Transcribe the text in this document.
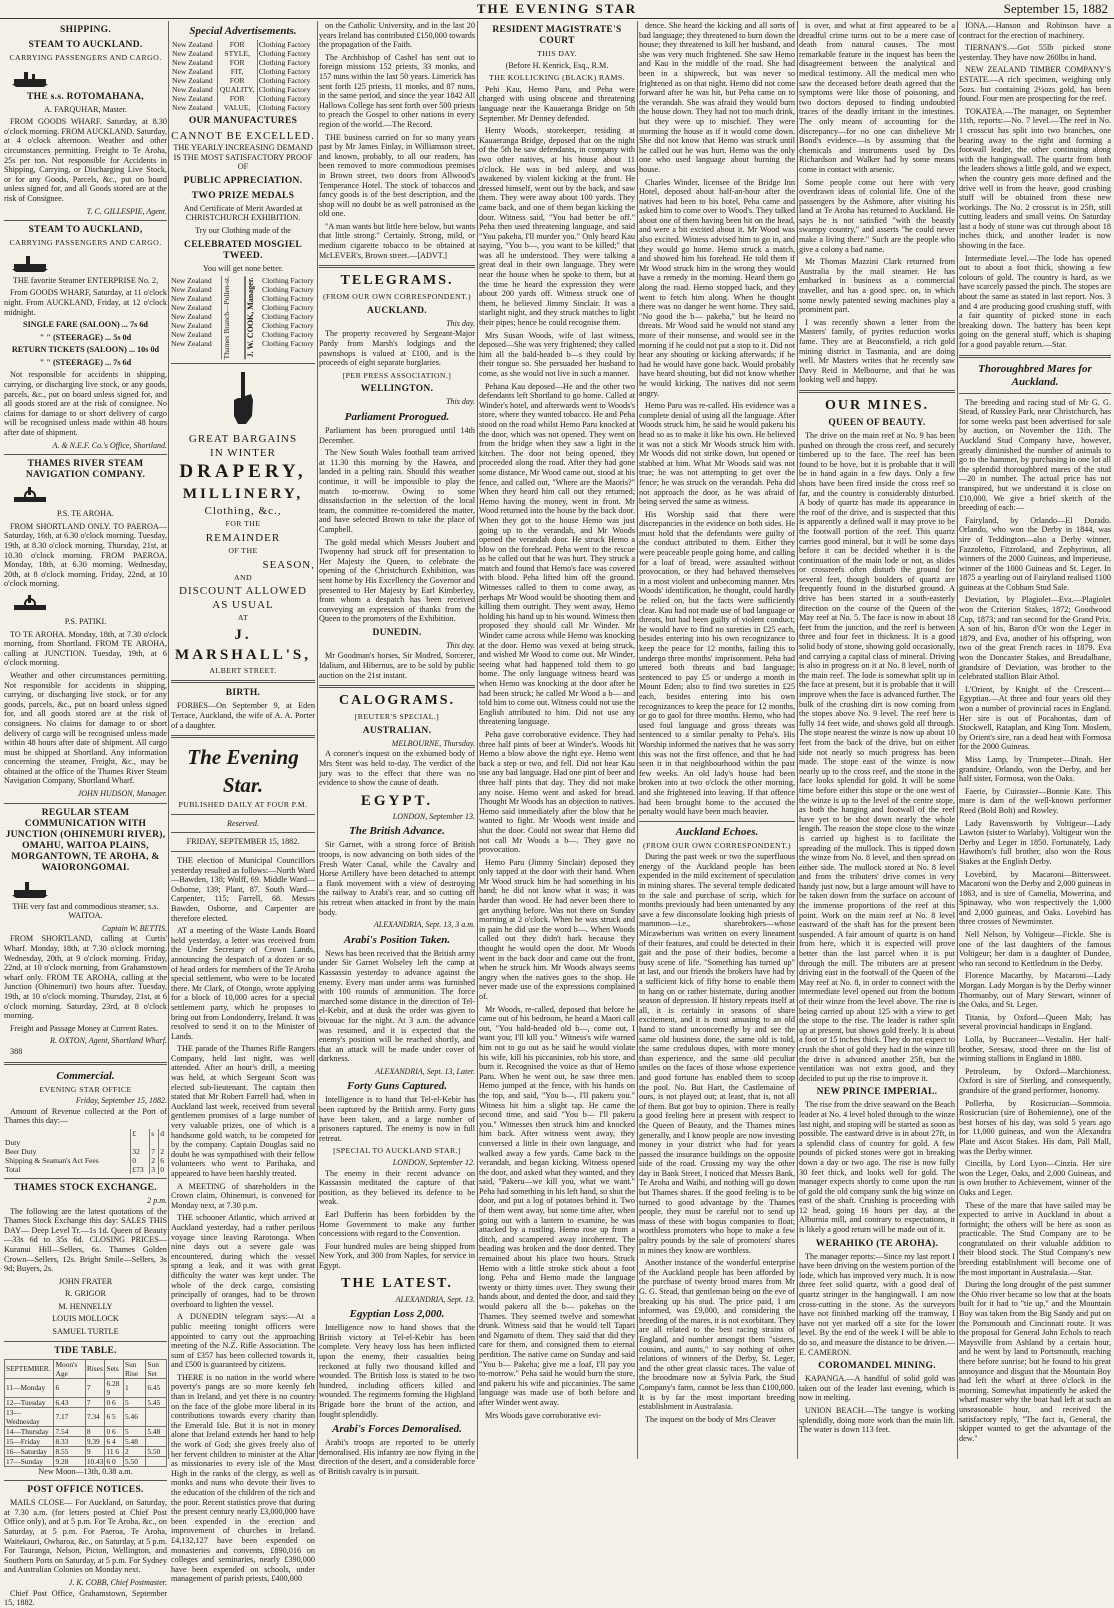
THE EVENING STAR	September 15, 1882
SHIPPING.
STEAM TO AUCKLAND.
CARRYING PASSENGERS AND CARGO.
THE s.s. ROTOMAHANA,

A. FARQUHAR, Master.

FROM GOODS WHARF. Saturday, at 8.30 o'clock morning. FROM AUCKLAND. Saturday, at 4 o'clock afternoon. Weather and other circumstances permitting. Freight to Te Aroha, 25s per ton. Not responsible for Accidents in Shipping, Carrying, or Discharging Live Stock, or for any Goods, Parcels, &c., put on board unless signed for, and all Goods stored are at the risk of Consignee.

T. C. GILLESPIE, Agent.

STEAM TO AUCKLAND,
CARRYING PASSENGERS AND CARGO.

THE favorite Steamer ENTERPRISE No. 2,

From GOODS WHARF, Saturday, at 11 o'clock night. From AUCKLAND, Friday, at 12 o'clock midnight.

SINGLE FARE (SALOON) ... 7s 6d

" " (STEERAGE) ... 5s 0d

RETURN TICKETS (SALOON) ... 10s 0d

" " (STEERAGE) ... 7s 6d

Not responsible for accidents in shipping, carrying, or discharging live stock, or any goods, parcels, &c., put on board unless signed for, and all goods stored are at the risk of consignee. No claims for damage to or short delivery of cargo will be recognised unless made within 48 hours after date of shipment.

A. & N.E.F. Co.'s Office, Shortland.

THAMES RIVER STEAM NAVIGATION COMPANY.

P.S. TE AROHA.

FROM SHORTLAND ONLY. TO PAEROA— Saturday, 16th, at 6.30 o'clock morning. Tuesday, 19th, at 8.30 o'clock morning. Thursday, 21st, at 10.30 o'clock morning. FROM PAEROA. Monday, 18th, at 6.30 morning. Wednesday, 20th, at 8 o'clock morning. Friday, 22nd, at 10 o'clock morning.

P.S. PATIKI.

TO TE AROHA. Monday, 18th, at 7.30 o'clock morning, from Shortland. FROM TE AROHA, calling at JUNCTION. Tuesday, 19th, at 6 o'clock morning.

Weather and other circumstances permitting. Not responsible for accidents in shipping, carrying, or discharging live stock, or for any goods, parcels, &c., put on board unless signed for, and all goods stored are at the risk of consignees. No claims for damage to or short delivery of cargo will be recognised unless made within 48 hours after date of shipment. All cargo must be shipped at Shortland. Any information concerning the steamer, Freight, &c., may be obtained at the office of the Thames River Steam Navigation Company, Shortland Wharf.

JOHN HUDSON, Manager.

REGULAR STEAM COMMUNICATION WITH JUNCTION (OHINEMURI RIVER), OMAHU, WAITOA PLAINS, MORGANTOWN, TE AROHA, & WAIORONGOMAI.

THE very fast and commodious steamer, s.s. WAITOA.

Captain W. BETTIS.

FROM SHORTLAND, calling at Curtis' Wharf. Monday, 18th, at 7.30 o'clock morning. Wednesday, 20th, at 9 o'clock morning. Friday, 22nd, at 10 o'clock morning, from Grahamstown wharf only. FROM TE AROHA, calling at the Junction (Ohinemuri) two hours after. Tuesday, 19th, at 10 o'clock morning. Thursday, 21st, at 6 o'clock morning. Saturday, 23rd, at 8 o'clock morning.

Freight and Passage Money at Current Rates.

R. OXTON, Agent, Shortland Wharf.

388

Commercial.
EVENING STAR OFFICE

Friday, September 15, 1882.

Amount of Revenue collected at the Port of Thames this day:—

	£	s	d
Duty			
Beer Duty	32	7	2
Shipping & Seaman's Act Fees	0	2	6
Total	£73	3	0
THAMES STOCK EXCHANGE.

2 p.m.

The following are the latest quotations of the Thames Stock Exchange this day: SALES THIS DAY— Deep Level Tr.—1s 1d. Queen of Beauty—33s 6d to 35s 6d. CLOSING PRICES— Kuranui Hill—Sellers, 6s. Thames Golden Crown—Sellers, 12s. Bright Smile—Sellers, 3s 9d; Buyers, 2s.

JOHN FRATER

R. GRIGOR

M. HENNELLY

LOUIS MOLLOCK

SAMUEL TURTLE

TIDE TABLE.
SEPTEMBER.	Moon's Age	Rises	Sets	Sun Rise	Sun Set
11—Monday	6	7	6.28 9	1	6.45
12—Tuesday	6.43	7	0 6	5	5.45
13—Wednesday	7.17	7.34	6 5	5.46	
14—Thursday	7.54	8	0 6	5	5.48
15—Friday	8.33	9.39	6 4	5.48	
16—Saturday	8.55	9	11 6	2	5.50
17—Sunday	9.28	10.43	6 0	5.50	

New Moon—13th, 0.38 a.m.

POST OFFICE NOTICES.

MAILS CLOSE— For Auckland, on Saturday, at 7.30 a.m. (for letters posted at Chief Post Office only), and at 5 p.m. For Te Aroha, &c., on Saturday, at 5 p.m. For Paeroa, Te Aroha, Waitekauri, Owharoa, &c., on Saturday, at 5 p.m. For Tauranga, Nelson, Picton, Wellington, and Southern Ports on Saturday, at 5 p.m. For Sydney and Australian Colonies on Monday next.

J. K. COBB, Chief Postmaster.

Chief Post Office, Grahamstown, September 15, 1882.

Special Advertisements.
New Zealand	FOR	Clothing Factory
New Zealand	STYLE,	Clothing Factory
New Zealand	FOR	Clothing Factory
New Zealand	FIT,	Clothing Factory
New Zealand	FOR	Clothing Factory
New Zealand	QUALITY,	Clothing Factory
New Zealand	FOR	Clothing Factory
New Zealand	VALUE,	Clothing Factory
OUR MANUFACTURES
CANNOT BE EXCELLED.

THE YEARLY INCREASING DEMAND IS THE MOST SATISFACTORY PROOF OF

PUBLIC APPRECIATION.
TWO PRIZE MEDALS

And Certificate of Merit Awarded at CHRISTCHURCH EXHIBITION.

Try our Clothing made of the

CELEBRATED MOSGIEL TWEED.

You will get none better.

New Zealand
New Zealand
New Zealand
New Zealand
New Zealand
New Zealand
New Zealand
New Zealand	Thames Branch—Pollen-st.	J. W. COOK, Manager. Clothing Factory
Clothing Factory
Clothing Factory
Clothing Factory
Clothing Factory
Clothing Factory
Clothing Factory
Clothing Factory
GREAT BARGAINS
IN WINTER
DRAPERY,
MILLINERY,
Clothing, &c.,
FOR THE
REMAINDER
OF THE
SEASON,
AND
DISCOUNT ALLOWED AS USUAL
AT
J. MARSHALL'S,
ALBERT STREET.
BIRTH.

FORBES—On September 9, at Eden Terrace, Auckland, the wife of A. A. Porter of a daughter.

The Evening Star.
PUBLISHED DAILY AT FOUR P.M.

Reserved.

FRIDAY, SEPTEMBER 15, 1882.

THE election of Municipal Councillors yesterday resulted as follows:—North Ward—Bawden, 138; Wolff, 69. Middle Ward—Osborne, 139; Plant, 87. South Ward—Carpenter, 115; Farrell, 68. Messrs Bawden, Osborne, and Carpenter are therefore elected.

AT a meeting of the Waste Lands Board held yesterday, a letter was received from the Under Secretary of Crown Lands, announcing the despatch of a dozen or so of head orders for members of the Te Aroha special settlement, who were to be located there. Mr Clark, of Otongo, wrote applying for a block of 10,000 acres for a special settlement party, which he proposes to bring out from Londonderry, Ireland. It was resolved to send it on to the Minister of Lands.

THE parade of the Thames Rifle Rangers Company, held last night, was well attended. After an hour's drill, a meeting was held, at which Sergeant Scott was elected sub-lieutenant. The captain then stated that Mr Robert Farrell had, when in Auckland last week, received from several gentlemen promises of a large number of very valuable prizes, one of which is a handsome gold watch, to be competed for by the company. Captain Douglas said no doubt he was sympathised with their fellow volunteers who went to Parihaka, and appeared to have been harshly treated.

A MEETING of shareholders in the Crown claim, Ohinemuri, is convened for Monday next, at 7.30 p.m.

THE schooner Atlantic, which arrived at Auckland yesterday, had a rather perilous voyage since leaving Rarotonga. When nine days out a severe gale was encountered, during which the vessel sprang a leak, and it was with great difficulty the water was kept under. The whole of the deck cargo, consisting principally of oranges, had to be thrown overboard to lighten the vessel.

A DUNEDIN telegram says:—At a public meeting tonight officers were appointed to carry out the approaching meeting of the N.Z. Rifle Association. The sum of £357 has been collected towards it, and £500 is guaranteed by citizens.

THERE is no nation in the world where poverty's pangs are so more keenly felt than in Ireland, and yet there is no country on the face of the globe more liberal in its contributions towards every charity than the Emerald Isle. But it is not in money alone that Ireland extends her hand to help the work of God; she gives freely also of her fervent children to minister at the Altar as missionaries to every isle of the Most High in the ranks of the clergy, as well as monks and nuns who devote their lives to the education of the children of the rich and the poor. Recent statistics prove that during the present century nearly £3,000,000 have been expended in the erection and improvement of churches in Ireland. £4,132,127 have been expended on monasteries and convents, £890,016 on colleges and seminaries, nearly £390,000 have been expended on schools, under management of parish priests, £400,000

on the Catholic University, and in the last 20 years Ireland has contributed £150,000 towards the propagation of the Faith.

The Archbishop of Cashel has sent out to foreign missions 152 priests, 33 monks, and 157 nuns within the last 50 years. Limerick has sent forth 125 priests, 11 monks, and 87 nuns, in the same period, and since the year 1842 All Hallows College has sent forth over 500 priests to preach the Gospel to other nations in every region of the world.—The Record.

THE business carried on for so many years past by Mr James Finlay, in Williamson street, and known, probably, to all our readers, has been removed to more commodious premises in Brown street, two doors from Allwood's Temperance Hotel. The stock of tobaccos and fancy goods is of the best description, and the shop will no doubt be as well patronised as the old one.

"A man wants but little here below, but wants that little strong." Certainly. Strong, mild, or medium cigarette tobacco to be obtained at McLEVER's, Brown street.—[ADVT.]

TELEGRAMS.
(FROM OUR OWN CORRESPONDENT.)
AUCKLAND.

This day.

The property recovered by Sergeant-Major Pardy from Marsh's lodgings and the pawnshops is valued at £100, and is the proceeds of eight separate burglaries.

[PER PRESS ASSOCIATION.]
WELLINGTON.

This day.

Parliament Prorogued.

Parliament has been prorogued until 14th December.

The New South Wales football team arrived at 11.30 this morning by the Hawea, and landed in a pelting rain. Should this weather continue, it will be impossible to play the match to-morrow. Owing to some dissatisfaction in the selection of the local team, the committee re-considered the matter, and have selected Brown to take the place of Campbell.

The gold medal which Messrs Joubert and Twopenny had struck off for presentation to Her Majesty the Queen, to celebrate the opening of the Christchurch Exhibition, was sent home by His Excellency the Governor and presented to Her Majesty by Earl Kimberley, from whom a despatch has been received conveying an expression of thanks from the Queen to the promoters of the Exhibition.

DUNEDIN.

This day.

Mr Goodman's horses, Sir Modred, Sorcerer, Idalium, and Hibernus, are to be sold by public auction on the 21st instant.

CALOGRAMS.
[REUTER'S SPECIAL.]
AUSTRALIAN.

MELBOURNE, Thursday.

A coroner's inquest on the exhumed body of Mrs Stent was held to-day. The verdict of the jury was to the effect that there was no evidence to show the cause of death.

EGYPT.

LONDON, September 13.

The British Advance.

Sir Garnet, with a strong force of British troops, is now advancing on both sides of the Fresh Water Canal, while the Cavalry and Horse Artillery have been detached to attempt a flank movement with a view of destroying the railway to Arabi's rear, and so cutting off his retreat when attacked in front by the main body.

ALEXANDRIA, Sept. 13, 3 a.m.

Arabi's Position Taken.

News has been received that the British army under Sir Garnet Wolseley left the camp at Kassassin yesterday to advance against the enemy. Every man under arms was furnished with 100 rounds of ammunition. The force marched some distance in the direction of Tel-el-Kebir, and at dusk the order was given to bivouac for the night. At 3 a.m. the advance was resumed, and it is expected that the enemy's position will be reached shortly, and that an attack will be made under cover of darkness.

ALEXANDRIA, Sept. 13, Later.

Forty Guns Captured.

Intelligence is to hand that Tel-el-Kebir has been captured by the British army. Forty guns have been taken, and a large number of prisoners captured. The enemy is now in full retreat.

[SPECIAL TO AUCKLAND STAR.]

LONDON, September 12.

The enemy in their recent advance on Kassassin meditated the capture of that position, as they believed its defence to be weak.

Earl Dufferin has been forbidden by the Home Government to make any further concessions with regard to the Convention.

Four hundred mules are being shipped from New York, and 300 from Naples, for service in Egypt.

THE LATEST.

ALEXANDRIA, Sept. 13.

Egyptian Loss 2,000.

Intelligence now to hand shows that the British victory at Tel-el-Kebir has been complete. Very heavy loss has been inflicted upon the enemy, their casualties being reckoned at fully two thousand killed and wounded. The British loss is stated to be two hundred, including officers killed and wounded. The regiments forming the Highland Brigade bore the brunt of the action, and fought splendidly.

Arabi's Forces Demoralised.

Arabi's troops are reported to be utterly demoralised. His infantry are now flying in the direction of the desert, and a considerable force of British cavalry is in pursuit.

RESIDENT MAGISTRATE'S COURT
THIS DAY.

(Before H. Kenrick, Esq., R.M.

THE KOLLICKING (BLACK) RAMS.

Pehi Kau, Hemo Paru, and Peha were charged with using obscene and threatening language near the Kauaeranga Bridge on 5th September. Mr Denney defended.

Henry Woods, storekeeper, residing at Kauaeranga Bridge, deposed that on the night of the 5th he saw defendants, in company with two other natives, at his house about 11 o'clock. He was in bed asleep, and was awakened by violent kicking at the front. He dressed himself, went out by the back, and saw them. They were away about 100 yards. They came back, and one of them began kicking the door. Witness said, "You had better be off." Peha then used threatening language, and said "You pakeha, I'll murder you." Only heard Kau saying, "You b—, you want to be killed;" that was all he understood. They were talking a great deal in their own language. They were near the house when he spoke to them, but at the time he heard the expression they were about 200 yards off. Witness struck one of them, he believed Jimmy Sinclair. It was a starlight night, and they struck matches to light their pipes; hence he could recognise them.

Mrs Susan Woods, wife of last witness, deposed—She was very frightened; they called him all the bald-headed b—s they could by their tongue so. She persuaded her husband to come, as she would not live in such a manner.

Pehana Kau deposed—He and the other two defendants left Shortland to go home. Called at Winder's hotel, and afterwards went to Woods's store, where they wanted tobacco. He and Peha stood on the road whilst Hemo Paru knocked at the door, which was not opened. They went on from the bridge when they saw a light in the kitchen. The door not being opened, they proceeded along the road. After they had gone some distance, Mr Wood came out, stood at his fence, and called out, "Where are the Maoris?" When they heard him call out they returned; Hemo having the money, went in front. Mr Wood returned into the house by the back door. When they got to the house Hemo was just going up to the verandah, and Mr Woods opened the verandah door. He struck Hemo a blow on the forehead. Peha went to the rescue as he called out that he was hurt. They struck a match and found that Hemo's face was covered with blood. Peha lifted him off the ground. Witnesses called to them to come away, as perhaps Mr Wood would be shooting them and killing them outright. They went away, Hemo holding his hand up to his wound. Witness then proposed they should call Mr Winder. Mr Winder came across while Hemo was knocking at the door. Hemo was vexed at being struck, and wished Mr Wood to come out. Mr Winder, seeing what had happened told them to go home. The only language witness heard was when Hemo was knocking at the door after he had been struck; he called Mr Wood a b— and told him to come out. Witness could not use the English attributed to him. Did not use any threatening language.

Peha gave corroborative evidence. They had three half pints of beer at Winder's. Woods hit Hemo a blow above the right eye. Hemo went back a step or two, and fell. Did not hear Kau use any bad language. Had one pint of beer and three half pints that day. They did not make any noise. Hemo went and asked for bread. Thought Mr Woods has an objection to natives. Hemo said immediately after the blow that he wanted to fight. Mr Woods went inside and shut the door. Could not swear that Hemo did not call Mr Woods a b—. They gave no provocation.

Hemo Paru (Jimmy Sinclair) deposed they only tapped at the door with their hand. When Mr Wood struck him he had something in his hand; he did not know what it was; it was harder than wood. He had never been there to get anything before. Was not there on Sunday morning at 2 o'clock. When he was struck and in pain he did use the word b—. When Woods called out they didn't bark because they thought he would open the door. Mr Woods went in the back door and came out the front, when he struck him. Mr Woods always seems angry when the natives goes to the shop. He never made use of the expressions complained of.

Mr Woods, re-called, deposed that before he came out of his bedroom, he heard a Maori call out, "You bald-headed old b—, come out, I want you; I'll kill you." Witness's wife warned him not to go out as he said he would violate his wife, kill his piccaninies, rob his store, and burn it. Recognised the voice as that of Hemo Paru. When he went out, he saw three men. Hemo jumped at the fence, with his hands on the top, and said, "You b—, I'll pakeru you." Witness hit him a slight tap. He came the second time, and said "You b— I'll pakeru you." Witnesses then struck him and knocked him back. After witness went away, they conversed a little in their own language, and walked away a few yards. Came back to the verandah, and began kicking. Witness opened the door, and asked what they wanted, and they said, "Pakeru—we kill you, what we want." Peha had something in his left hand, so shut the door, and put a log of potatoes behind it. Two of them went away, but some time after, when going out with a lantern to examine, he was attacked by a rustling. Hemo rose up from a ditch, and scampered away incoherent. The beading was broken and the door dented. They remained about his place two hours. Struck Hemo with a little stroke stick about a foot long. Peha and Hemo made the language twenty or thirty times over. They swung their hands about, and dented the door, and said they would pakeru all the b— pakehas on the Thames. They seemed twelve and somewhat drunk. Witness said that he would tell Tapari and Ngamotu of them. They said that did they care for them, and consigned them to eternal perdition. The native came on Sunday and said "You b— Pakeha; give me a loaf, I'll pay you to-morrow." Peha said he would burn the store, and pakeru his wife and piccaninies. The same language was made use of both before and after Winder went away.

Mrs Woods gave corroborative evi-

dence. She heard the kicking and all sorts of bad language; they threatened to burn down the house; they threatened to kill her husband, and she was very much frightened. She saw Hemo and Kau in the middle of the road. She had been in a shipwreck, but was never so frightened as on that night. Hemo did not come forward after he was hit, but Peha came on to the verandah. She was afraid they would burn the house down. They had not too much drink, but they were up to mischief. They were storming the house as if it would come down. She did not know that Hemo was struck until he called out he was hurt. Hemo was the only one who used language about burning the house.

Charles Winder, licensee of the Bridge Inn Hotel, deposed about half-an-hour after the natives had been to his hotel, Peha came and asked him to come over to Wood's. They talked about one of them having been hit on the head, and were a bit excited about it. Mr Wood was also excited. Witness advised him to go in, and they would go home. Hemo struck a match, and showed him his forehead. He told them if Mr Wood struck him in the wrong they would have a remedy in the morning. Heard them go along the road. Hemo stopped back, and they went to fetch him along. When he thought there was no danger he went home. They said, "No good the b— pakeha," but he heard no threats. Mr Wood said he would not stand any more of their nonsense, and would see in the morning if he could not put a stop to it. Did not hear any shouting or kicking afterwards; if he had he would have gone back. Would probably have heard shouting, but did not know whether he would kicking. The natives did not seem angry.

Hemo Paru was re-called. His evidence was a complete denial of using all the language. After Woods struck him, he said he would pakeru his head so as to make it like his own. He believed it was not a stick Mr Woods struck him with. Mr Woods did not strike down, but opened or stabbed at him. What Mr Woods said was not true; he was not attempting to get over the fence; he was struck on the verandah. Peha did not approach the door, as he was afraid of being served the same as witness.

His Worship said that there were discrepancies in the evidence on both sides. He must hold that the defendants were guilty of the conduct attributed to them. Either they were peaceable people going home, and calling for a loaf of bread, were assaulted without provocation, or they had behaved themselves in a most violent and unbecoming manner. Mrs Woods' identification, he thought, could hardly be relied on, but the facts were sufficiently clear. Kau had not made use of bad language or threats, but had been guilty of violent conduct; he would have to find no sureties in £25 each, besides entering into his own recognizance to keep the peace for 12 months, failing this to undergo three months' imprisonment. Peha had uttered both threats and bad language; sentenced to pay £5 or undergo a month in Mount Eden; also to find two sureties in £25 each, besides entering into his own recognizances to keep the peace for 12 months, or go to gaol for three months. Hemo, who had used foul language and gross threats was sentenced to a similar penalty to Peha's. His Worship informed the natives that he was sorry this was not the first offence, and that he had seen it in that neighbourhood within the past few weeks. An old lady's house had been broken into at two o'clock the other morning, and she frightened into leaving. If that offence had been brought home to the accused the penalty would have been much heavier.

Auckland Echoes.
(FROM OUR OWN CORRESPONDENT.)

During the past week or two the superfluous energy of the Auckland people has been expended in the mild excitement of speculation in mining shares. The several temple dedicated to the sale and purchase of scrip, which for months previously had been untenanted by any save a few disconsolate looking high priests of mammon—i.e., sharebrokers—whose Micawberism was written on every lineament of their features, and could be detected in their gait and the pose of their bodies, become a busy scene of life. "Something has turned up" at last, and our friends the brokers have had by a sufficient kick of fifty horse to enable them to hang on or rather bisternate, during another season of depression. If history repeats itself at all, it is certainly in seasons of share excitement, and it is most amusing to an old hand to stand unconcernedly by and see the same old business done, the same old is told, the same credulous dupes, with more money than experience, and the same old peculiar smiles on the faces of those whose experience and good fortune has enabled them to scoop the pool. No. But Hart, the Castlemaine of ours, is not played out; at least, that is, not all of them. But got buy to opinion. There is really a good feeling here at present with respect to the Queen of Beauty, and the Thames mines generally, and I know people are now investing money in your district who had for years passed the insurance buildings on the opposite side of the road. Crossing my way the other day in Bank Street, I noticed that Messrs Bank, Te Aroha and Waihi, and nothing will go down but Thames shares. If the good feeling is to be turned to good advantage by the Thames people, they must be careful not to send up mass of these with bogus companies to float; worthless promoters who hope to make a few paltry pounds by the sale of promoters' shares in mines they know are worthless.

Another instance of the wonderful enterprise of the Auckland people has been afforded by the purchase of twenty brood mares from Mr G. G. Stead, that gentleman being on the eve of breaking up his stud. The price paid, I am informed, was £9,000, and considering the breeding of the mares, it is not exorbitant. They are all related to the best racing strains of England, and number amongst them "sisters, cousins, and aunts," to say nothing of other relations of winners of the Derby, St. Leger, and the other great classic races. The value of the broodmare now at Sylvia Park, the Stud Company's farm, cannot be less than £100,000. It is by far the most important breeding establishment in Australasia.

The inquest on the body of Mrs Cleaver

is over, and what at first appeared to be a dreadful crime turns out to be a mere case of death from natural causes. The most remarkable feature in the inquest has been the disagreement between the analytical and medical testimony. All the medical men who saw the deceased before death agreed that the symptoms were like those of poisoning, and two doctors deposed to finding undoubted traces of the deadly irritant in the intestines. The only means of accounting for the discrepancy—for no one can disbelieve Mr Bond's evidence—is by assuming that the chemicals and instruments used by Drs Richardson and Walker had by some means come in contact with arsenic.

Some people come out here with very overdrawn ideas of colonial life. One of the passengers by the Ashmore, after visiting his land at Te Aroha has returned to Auckland. He says he is not satisfied "with the beastly swampy country," and asserts "he could never make a living there." Such are the people who give a colony a bad name.

Mr Thomas Mazzini Clark returned from Australia by the mail steamer. He has embarked in business as a commercial traveller, and has a good spec. on, in which some newly patented sewing machines play a prominent part.

I was recently shown a letter from the Masters' family, of pyrites reduction works fame. They are at Beaconsfield, a rich gold mining district in Tasmania, and are doing well. Mr Masters writes that he recently saw Davy Reid in Melbourne, and that he was looking well and happy.

OUR MINES.
QUEEN OF BEAUTY.

The drive on the main reef at No. 9 has been pushed on through the cross reef, and securely timbered up to the face. The reef has been found to be hove, but it is probable that it will be in hand again in a few days. Only a few shots have been fired inside the cross reef so far, and the country is considerably disturbed. A body of quartz has made its appearance in the roof of the drive, and is suspected that this is apparently a defined wall it may prove to be the footwall portion of the reef. This quartz carries good mineral, but it will be some days before it can be decided whether it is the continuation of the main lode or not, as slides or crossreefs often disturb the ground for several feet, though boulders of quartz are frequently found in the disturbed ground. A drive has been started in a south-easterly direction on the course of the Queen of the May reef at No. 5. The face is now in about 18 feet from the junction, and the reef is between three and four feet in thickness. It is a good solid body of stone, showing gold occasionally, and carrying a capital class of mineral. Driving is also in progress on it at No. 8 level, north of the main reef. The lode is somewhat split up in the face at present, but it is probable that it will improve when the face is advanced further. The bulk of the crushing dirt is now coming from the stopes above No. 9 level. The reef here is fully 14 feet wide, and shows gold all through. The stope nearest the winze is now up about 10 feet from the back of the drive, but on either side not nearly so much progress has been made. The stope east of the winze is now nearly up to the cross reef, and the stone in the face looks splendid for gold. It will be some time before either this stope or the one west of the winze is up to the level of the centre stope, as both the hanging and footwall of the reef have yet to be shot down nearly the whole length. The reason the stope close to the winze is carried up highest is to facilitate the spreading of the mullock. This is tipped down the winze from No. 8 level, and then spread on either side. The mullock stored at No. 8 level and from the tributers' drive comes in very handy just now, but a large amount will have to be taken down from the surface on account of the immense proportions of the reef at this point. Work on the main reef at No. 8 level eastward of the shaft has for the present been suspended. A fair amount of quartz is on hand from here, which it is expected will prove better than the last parcel when it is put through the mill. The tributers are at present driving east in the footwall of the Queen of the May reef at No. 8, in order to connect with the intermediate level opened out from the bottom of their winze from the level above. The rise is being carried up about 125 with a view to get the stope to the rise. The leader is rather split up at present, but shows gold freely. It is about a foot or 15 inches thick. They do not expect to crush the shot of gold they had in the winze till the drive is advanced another 25ft, but the ventilation was not extra good, and they decided to put up the rise to improve it.

NEW PRINCE IMPERIAL.

The rise from the drive seaward on the Beach leader at No. 4 level holed through to the winze last night, and stoping will be started as soon as possible. The eastward drive is in about 27ft, in a splendid class of country for gold. A few pounds of picked stones were got in breaking down a day or two ago. The rise is now fully 30 feet thick, and looks well for gold. The manager expects shortly to come upon the run of gold the old company sunk the big winze on east of the shaft. Crushing is proceeding with 12 head, going 16 hours per day, at the Alburnia mill, and contrary to expectations, it is likely a good return will be made out of it.

WERAHIKO (TE AROHA).

The manager reports:—Since my last report I have been driving on the western portion of the lode, which has improved very much. It is now three feet solid quartz, with a good deal of quartz stringer in the hangingwall. I am now cross-cutting in the stone. As the surveyors have not finished marking off the tramway, I have not yet marked off a site for the lower level. By the end of the week I will be able to do so, and measure the distance to be driven.—E. CAMERON.

COROMANDEL MINING.

KAPANGA.—A handful of solid gold was taken out of the leader last evening, which is now in melting.

UNION BEACH.—The tangye is working splendidly, doing more work than the main lift. The water is down 113 feet.

IONA.—Hanson and Robinson have a contract for the erection of machinery.

TIERNAN'S.—Got 55lb picked stone yesterday. They have now 260lbs in hand.

NEW ZEALAND TIMBER COMPANY'S ESTATE.—A rich specimen, weighing only 5ozs. but containing 2½ozs gold, has been found. Four men are prospecting for the reef.

TOKATEA.—The manager, on September 11th, reports:—No. 7 level.—The reef in No. 1 crosscut has split into two branches, one bearing away to the right and forming a footwall leader, the other continuing along with the hangingwall. The quartz from both the leaders shows a little gold, and we expect, when the country gets more defined and the drive well in from the heave, good crushing stuff will be obtained from these new workings. The No. 2 crosscut is in 25ft, still cutting leaders and small veins. On Saturday last a body of stone was cut through about 18 inches thick, and another leader is now showing in the face.

Intermediate level.—The lode has opened out to about a foot thick, showing a few colours of gold. The country is hard, as we have scarcely passed the pinch. The stopes are about the same as stated in last report. Nos. 3 and 4 are producing good crushing stuff, with a fair quantity of picked stone in each breaking down. The battery has been kept going on the general stuff, which is shaping for a good payable return.—Star.

Thoroughbred Mares for Auckland.

The breeding and racing stud of Mr G. G. Stead, of Russley Park, near Christchurch, has for some weeks past been advertised for sale by auction, on November the 11th. The Auckland Stud Company have, however, greatly diminished the number of animals to go to the hammer, by purchasing in one lot all the splendid thoroughbred mares of the stud—20 in number. The actual price has not transpired, but we understand it is close on £10,000. We give a brief sketch of the breeding of each:—

Fairyland, by Orlando—El Dorado. Orlando, who won the Derby in 1844, was sire of Teddington—also a Derby winner, Fazzoletto, Fitzroland, and Zephyrinus, all winners of the 2000 Guineas, and Imperieuse, winner of the 1000 Guineas and St. Leger. In 1875 a yearling out of Fairyland realised 1100 guineas at the Cobham Stud Sale.

Deviation, by Plagiolet—Eva.—Plagiolet won the Criterion Stakes, 1872; Goodwood Cup, 1873; and ran second for the Grand Prix. A son of his, Baron d'Or won the Leger in 1879, and Eva, another of his offspring, won two of the great French races in 1879. Eva won the Doncaster Stakes, and Breadalbane, grandsire of Deviation, was brother to the celebrated stallion Blair Athol.

L'Orient, by Knight of the Crescent—Egyptian.—At three and four years old they won a number of provincial races in England. Her sire is out of Pocahontas, dam of Stockwell, Rataplan, and King Tom. Moslem, by Orient's sire, ran a dead heat with Formosa for the 2000 Guineas.

Miss Lamp, by Trumpeter—Dinah. Her grandsire, Orlando, won the Derby, and her half sister, Formosa, won the Oaks.

Faerie, by Cuirassier—Bonnie Kate. This mare is dam of the well-known performer Reed (Bold Bolt) and Rowley.

Lady Ravensworth by Voltigeur—Lady Lawton (sister to Warlaby). Voltigeur won the Derby and Leger in 1850. Fortunately, Lady Hawthorn's full brother, also won the Rous Stakes at the English Derby.

Lovebird, by Macaroni—Bittersweet. Macaroni won the Derby and 2,000 guineas in 1863, and is sire of Camelia, Mowerina, and Spinaway, who won respectively the 1,000 and 2,000 guineas, and Oaks. Lovebird has three crosses of Newminster.

Nell Nelson, by Voltigeur—Fickle. She is one of the last daughters of the famous Voltigeur; her dam is a daughter of Dundee, who ran second to Kettledrum in the Derby.

Florence Macarthy, by Macaroni—Lady Morgan. Lady Morgan is by the Derby winner Thormanby, out of Mary Stewart, winner of the Oaks, and St. Leger.

Titania, by Oxford—Queen Mab; has several provincial handicaps in England.

Lolla, by Buccaneer—Vestalin. Her half-brother, Seesaw, stood three on the list of winning stallions in England in 1880.

Petroleum, by Oxford—Marchioness. Oxford is sire of Sterling, and consequently, grandsire of the grand performer, Isonomy.

Pollerha, by Rosicrucian—Sommoia. Rosicrucian (sire of Bohemienne), one of the best horses of his day, was sold 5 years ago for 11,000 guineas, and won the Alexandra Plate and Ascot Stakes. His dam, Pall Mall, was the Derby winner.

Cincilla, by Lord Lyon—Cinzia. Her sire won the Leger, Oaks, and 2,000 Guineas, and is own brother to Achievement, winner of the Oaks and Leger.

These of the mare that have sailed may be expected to arrive in Auckland in about a fortnight; the others will be here as soon as practicable. The Stud Company are to be congratulated on their valuable addition to their blood stock. The Stud Company's new breeding establishment will become one of the most important in Australasia.—Star.

During the long drought of the past summer the Ohio river became so low that at the boats built for it had to "tie up," and the Mountain Boy was taken from the Big Sandy and put on the Portsmouth and Cincinnati route. It was the proposal for General John Echols to reach Maysville from Ashland by a certain hour, and he went by land to Portsmouth, reaching there before sunrise; but he found to his great annoyance and disgust that the Mountain Boy had left the wharf at three o'clock in the morning. Somewhat impatiently he asked the wharf master why the boat had left at such an unseasonable hour, and received the satisfactory reply, "The fact is, General, the skipper wanted to get the advantage of the dew."
